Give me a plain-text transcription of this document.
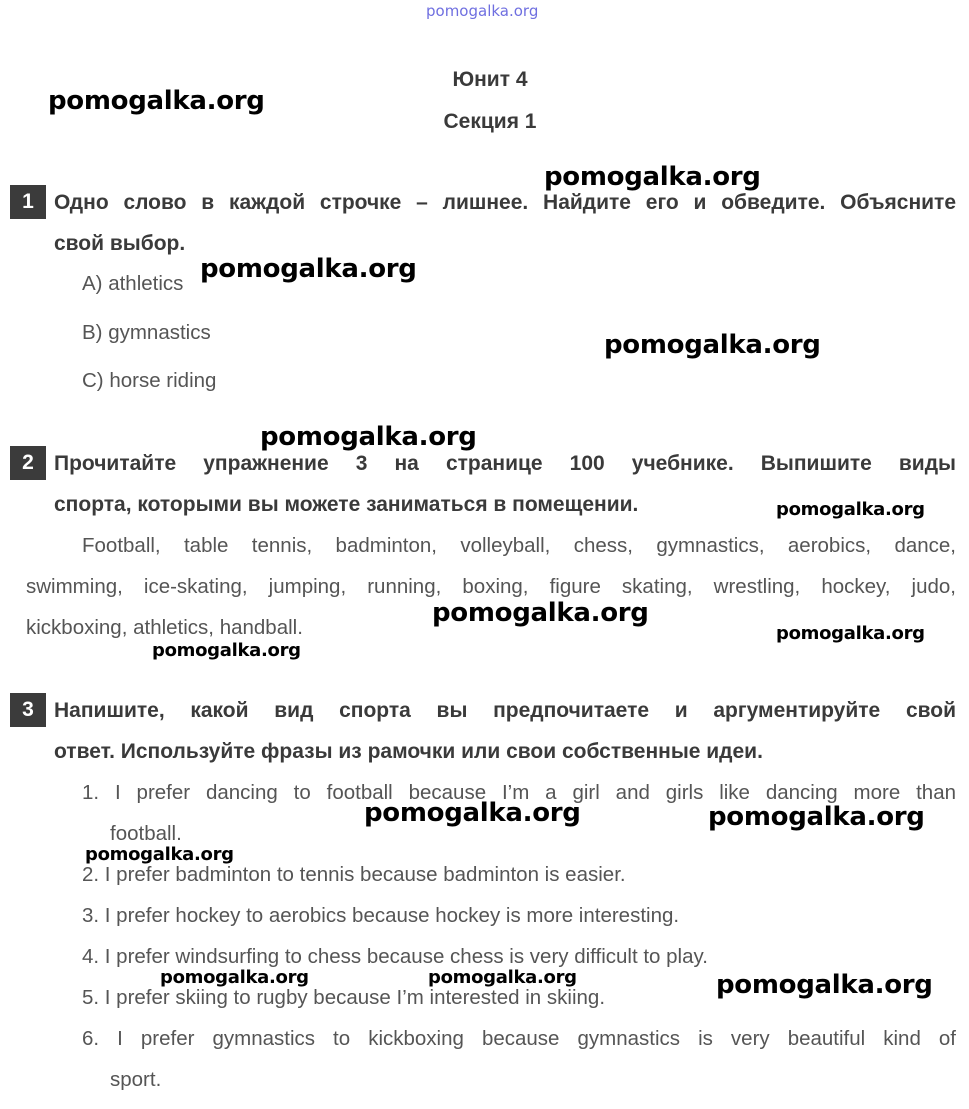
pomogalka.org
Юнит 4
Секция 1
1 Одно слово в каждой строчке – лишнее. Найдите его и обведите. Объясните
свой выбор.
A) athletics
B) gymnastics
C) horse riding
2 Прочитайте упражнение 3 на странице 100 учебнике. Выпишите виды
спорта, которыми вы можете заниматься в помещении.
Football, table tennis, badminton, volleyball, chess, gymnastics, aerobics, dance,
swimming, ice-skating, jumping, running, boxing, figure skating, wrestling, hockey, judo,
kickboxing, athletics, handball.
3 Напишите, какой вид спорта вы предпочитаете и аргументируйте свой
ответ. Используйте фразы из рамочки или свои собственные идеи.
1. I prefer dancing to football because I’m a girl and girls like dancing more than
football.
2. I prefer badminton to tennis because badminton is easier.
3. I prefer hockey to aerobics because hockey is more interesting.
4. I prefer windsurfing to chess because chess is very difficult to play.
5. I prefer skiing to rugby because I’m interested in skiing.
6. I prefer gymnastics to kickboxing because gymnastics is very beautiful kind of
sport.
pomogalka.org
pomogalka.org
pomogalka.org
pomogalka.org
pomogalka.org
pomogalka.org
pomogalka.org
pomogalka.org
pomogalka.org
pomogalka.org	pomogalka.org
pomogalka.org
pomogalka.org	pomogalka.org	pomogalka.org
